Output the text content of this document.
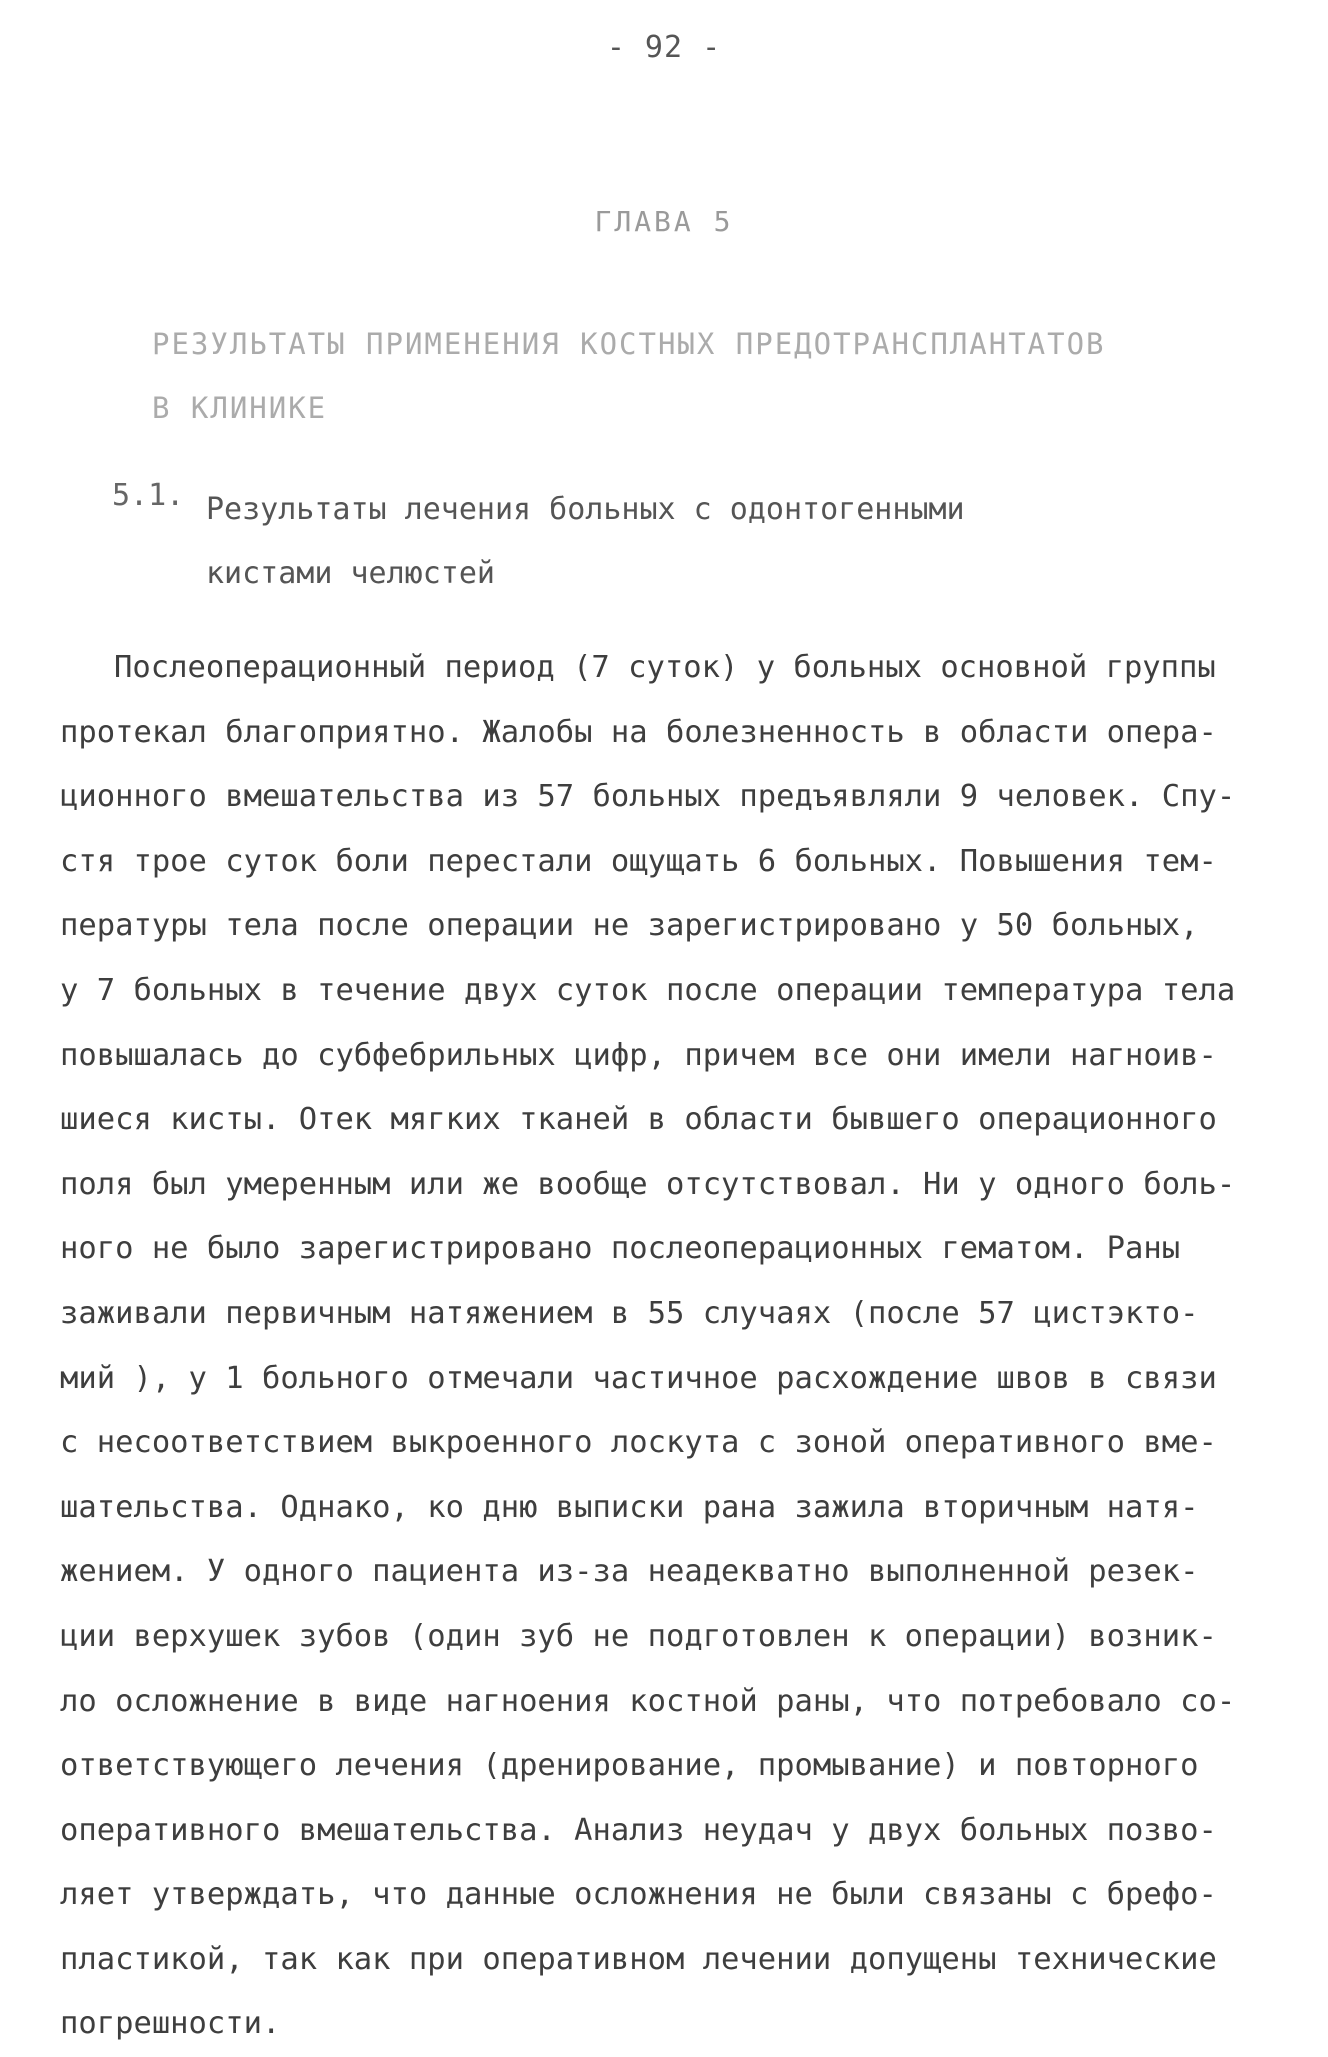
- 92 -
ГЛАВА 5
РЕЗУЛЬТАТЫ ПРИМЕНЕНИЯ КОСТНЫХ ПРЕДОТРАНСПЛАНТАТОВ
В КЛИНИКЕ
5.1. Результаты лечения больных с одонтогенными
кистами челюстей
Послеоперационный период (7 суток) у больных основной группы
протекал благоприятно. Жалобы на болезненность в области опера-
ционного вмешательства из 57 больных предъявляли 9 человек. Спу-
стя трое суток боли перестали ощущать 6 больных. Повышения тем-
пературы тела после операции не зарегистрировано у 50 больных,
у 7 больных в течение двух суток после операции температура тела
повышалась до субфебрильных цифр, причем все они имели нагноив-
шиеся кисты. Отек мягких тканей в области бывшего операционного
поля был умеренным или же вообще отсутствовал. Ни у одного боль-
ного не было зарегистрировано послеоперационных гематом. Раны
заживали первичным натяжением в 55 случаях (после 57 цистэкто-
мий ), у 1 больного отмечали частичное расхождение швов в связи
с несоответствием выкроенного лоскута с зоной оперативного вме-
шательства. Однако, ко дню выписки рана зажила вторичным натя-
жением. У одного пациента из-за неадекватно выполненной резек-
ции верхушек зубов (один зуб не подготовлен к операции) возник-
ло осложнение в виде нагноения костной раны, что потребовало со-
ответствующего лечения (дренирование, промывание) и повторного
оперативного вмешательства. Анализ неудач у двух больных позво-
ляет утверждать, что данные осложнения не были связаны с брефо-
пластикой, так как при оперативном лечении допущены технические
погрешности.
